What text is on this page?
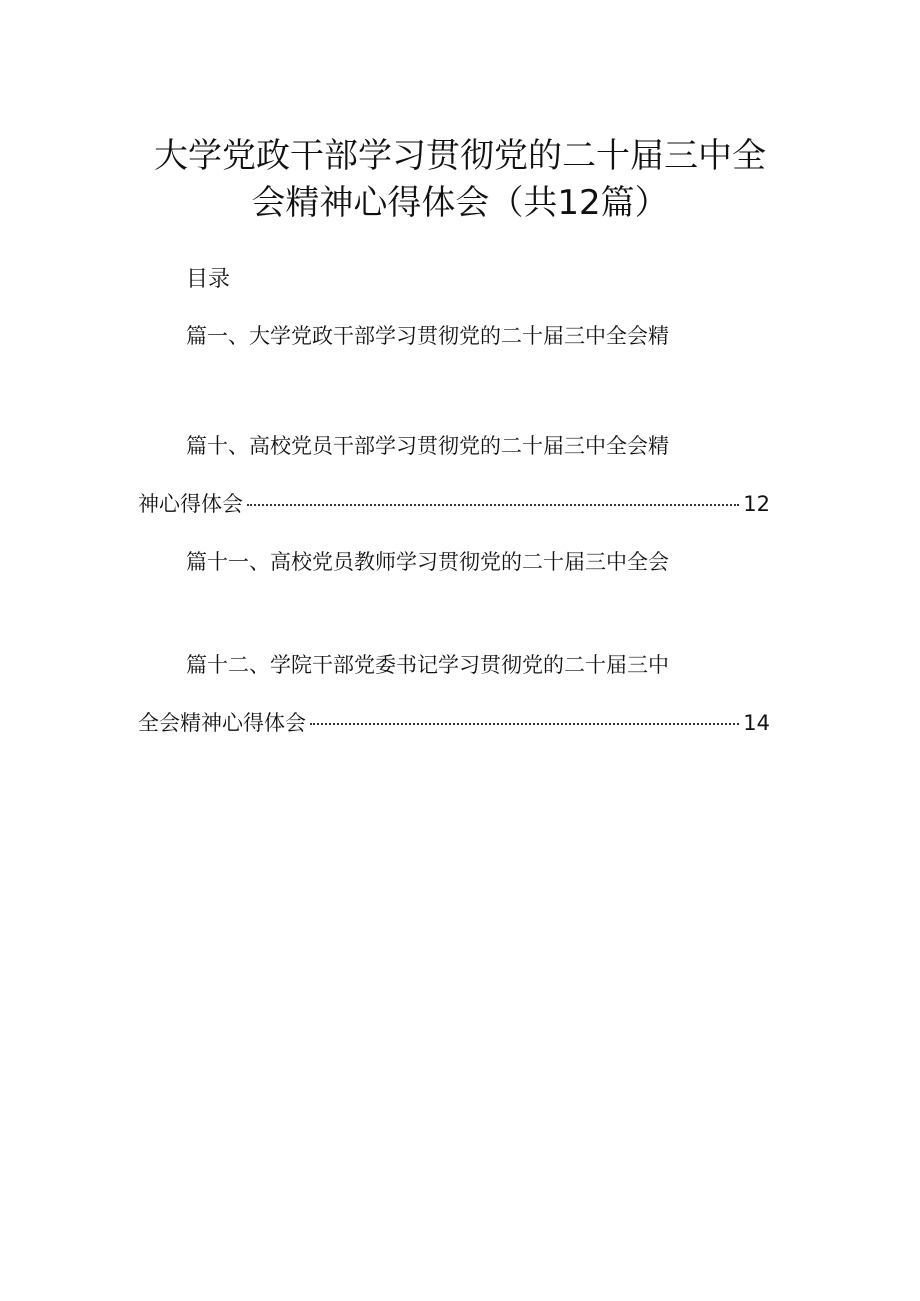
大学党政干部学习贯彻党的二十届三中全
会精神心得体会（共12篇）
目录
篇一、大学党政干部学习贯彻党的二十届三中全会精
篇十、高校党员干部学习贯彻党的二十届三中全会精
神心得体会	12
篇十一、高校党员教师学习贯彻党的二十届三中全会
篇十二、学院干部党委书记学习贯彻党的二十届三中
全会精神心得体会	14
